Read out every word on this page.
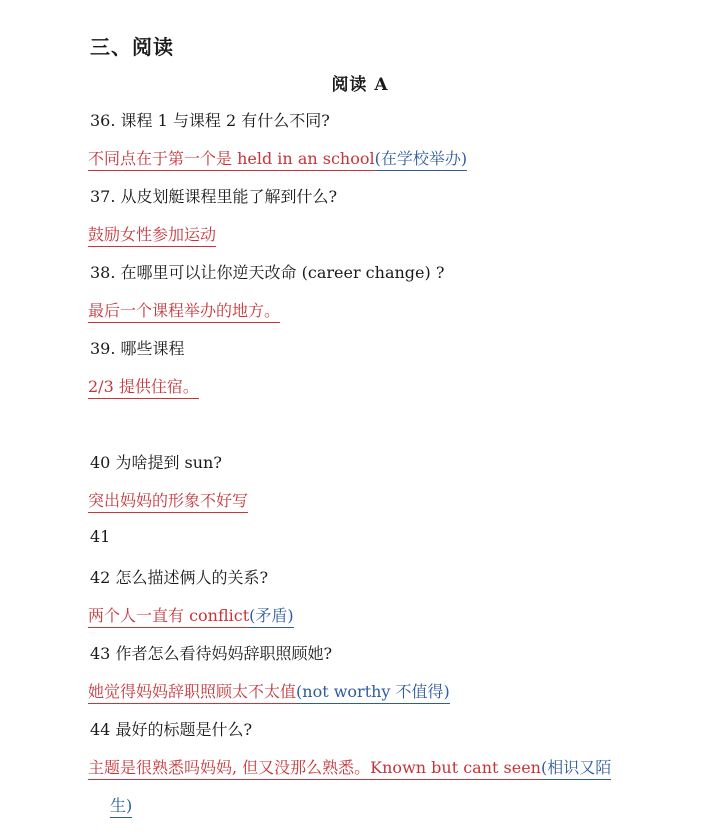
三、阅读
阅读 A
36. 课程 1 与课程 2 有什么不同?
不同点在于第一个是 held in an school(在学校举办)
37. 从皮划艇课程里能了解到什么?
鼓励女性参加运动
38. 在哪里可以让你逆天改命 (career change) ?
最后一个课程举办的地方。
39. 哪些课程
2/3 提供住宿。
40 为啥提到 sun?
突出妈妈的形象不好写
41
42 怎么描述俩人的关系?
两个人一直有 conflict(矛盾)
43 作者怎么看待妈妈辞职照顾她?
她觉得妈妈辞职照顾太不太值(not worthy 不值得)
44 最好的标题是什么?
主题是很熟悉吗妈妈, 但又没那么熟悉。Known but cant seen(相识又陌
生)
